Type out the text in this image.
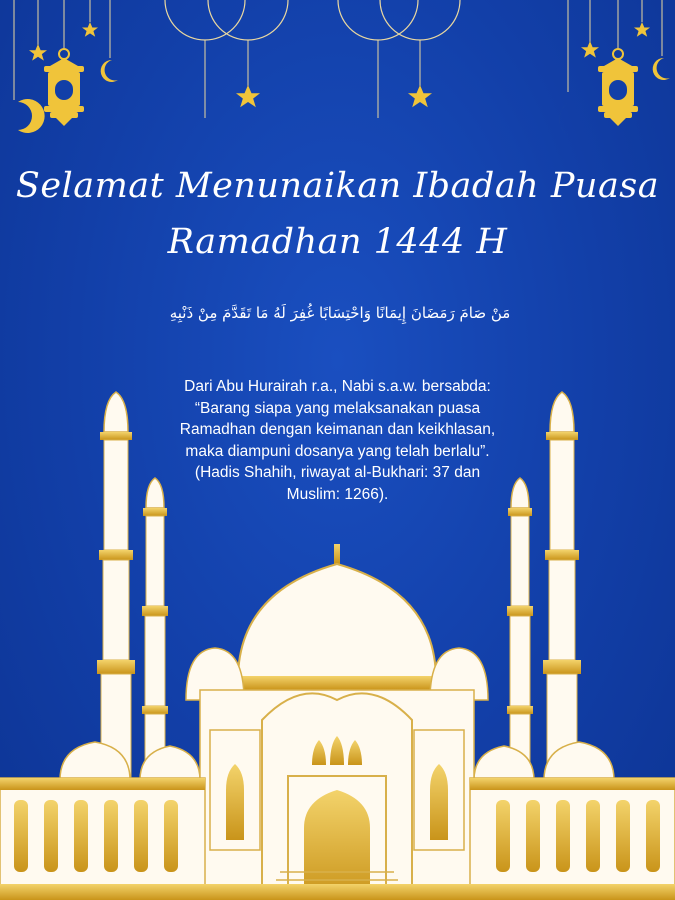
Selamat Menunaikan Ibadah Puasa
Ramadhan 1444 H

مَنْ صَامَ رَمَضَانَ إِيمَانًا وَاحْتِسَابًا غُفِرَ لَهُ مَا تَقَدَّمَ مِنْ ذَنْبِهِ

Dari Abu Hurairah r.a., Nabi s.a.w. bersabda:
“Barang siapa yang melaksanakan puasa
Ramadhan dengan keimanan dan keikhlasan,
maka diampuni dosanya yang telah berlalu”.
(Hadis Shahih, riwayat al-Bukhari: 37 dan
Muslim: 1266).
